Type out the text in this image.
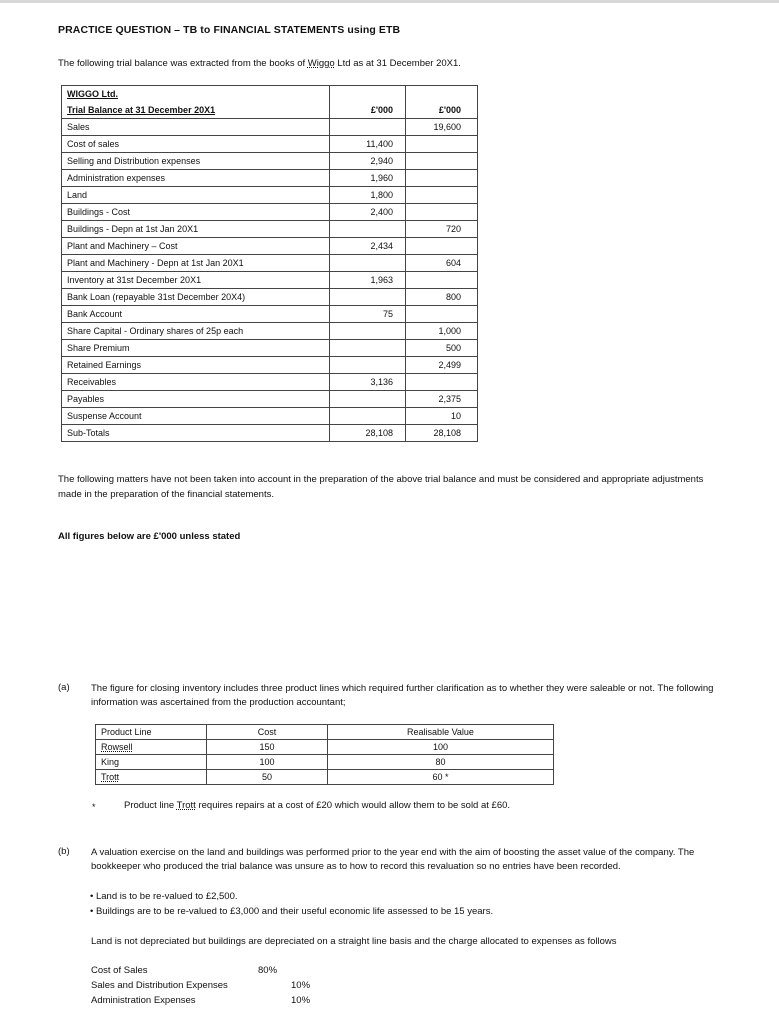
PRACTICE QUESTION – TB to FINANCIAL STATEMENTS using ETB
The following trial balance was extracted from the books of Wiggo Ltd as at 31 December 20X1.
WIGGO Ltd.		
Trial Balance at 31 December 20X1	£'000	£'000
Sales		19,600
Cost of sales	11,400	
Selling and Distribution expenses	2,940	
Administration expenses	1,960	
Land	1,800	
Buildings - Cost	2,400	
Buildings - Depn at 1st Jan 20X1		720
Plant and Machinery – Cost	2,434	
Plant and Machinery - Depn at 1st Jan 20X1		604
Inventory at 31st December 20X1	1,963	
Bank Loan (repayable 31st December 20X4)		800
Bank Account	75	
Share Capital - Ordinary shares of 25p each		1,000
Share Premium		500
Retained Earnings		2,499
Receivables	3,136	
Payables		2,375
Suspense Account		10
Sub-Totals	28,108	28,108
The following matters have not been taken into account in the preparation of the above trial balance and must be considered and appropriate adjustments made in the preparation of the financial statements.
All figures below are £'000 unless stated
(a) The figure for closing inventory includes three product lines which required further clarification as to whether they were saleable or not. The following information was ascertained from the production accountant;
Product Line	Cost	Realisable Value
Rowsell	150	100
King	100	80
Trott	50	60 *
*	Product line Trott requires repairs at a cost of £20 which would allow them to be sold at £60.
(b) A valuation exercise on the land and buildings was performed prior to the year end with the aim of boosting the asset value of the company. The bookkeeper who produced the trial balance was unsure as to how to record this revaluation so no entries have been recorded.
• Land is to be re-valued to £2,500.
• Buildings are to be re-valued to £3,000 and their useful economic life assessed to be 15 years.
Land is not depreciated but buildings are depreciated on a straight line basis and the charge allocated to expenses as follows
Cost of Sales	80%
Sales and Distribution Expenses	10%
Administration Expenses	10%
